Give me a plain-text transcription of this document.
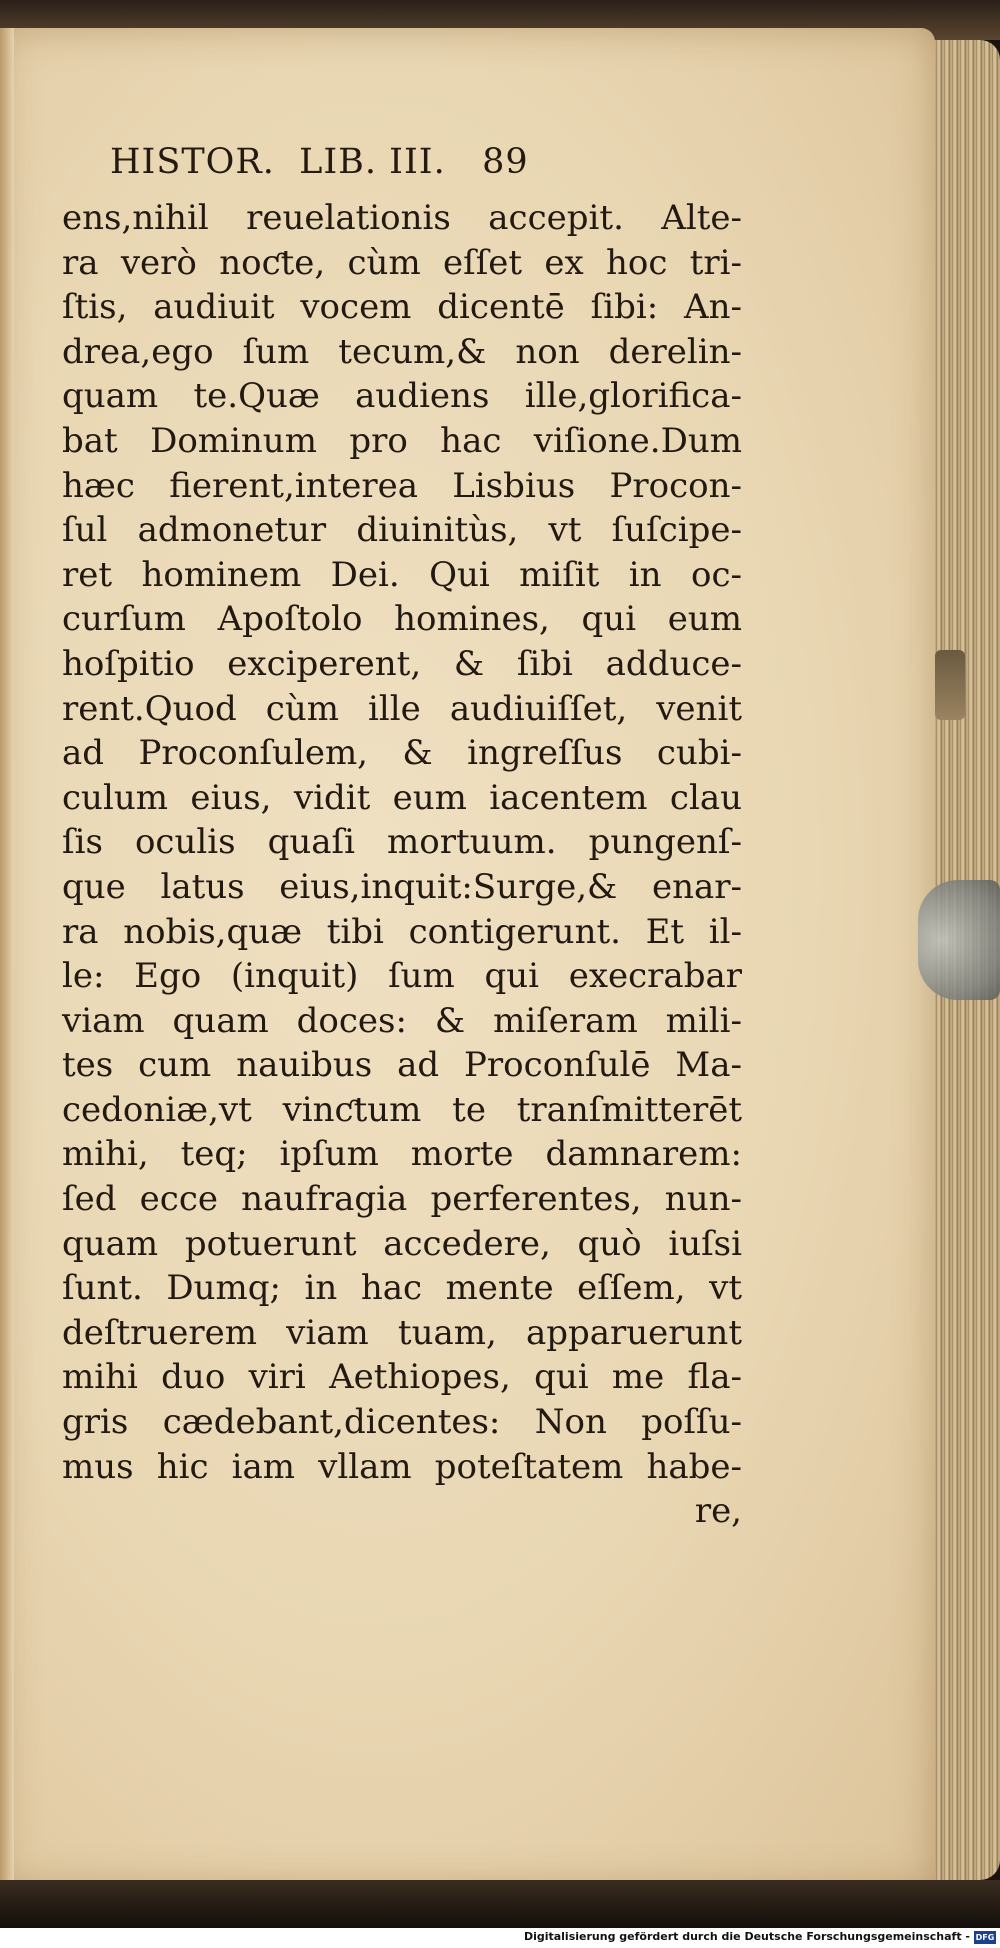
HISTOR.  LIB. III.   89
ens,nihil reuelationis accepit. Alte-
ra verò noƈte, cùm eſſet ex hoc tri-
ſtis, audiuit vocem dicentē ſibi: An-
drea,ego ſum tecum,& non derelin-
quam te.Quæ audiens ille,glorifica-
bat Dominum pro hac viſione.Dum
hæc fierent,interea Lisbius Procon-
ſul admonetur diuinitùs, vt ſuſcipe-
ret hominem Dei. Qui miſit in oc-
curſum Apoſtolo homines, qui eum
hoſpitio exciperent, & ſibi adduce-
rent.Quod cùm ille audiuiſſet, venit
ad Proconſulem, & ingreſſus cubi-
culum eius, vidit eum iacentem clau
ſis oculis quaſi mortuum. pungenſ-
que latus eius,inquit:Surge,& enar-
ra nobis,quæ tibi contigerunt. Et il-
le: Ego (inquit) ſum qui execrabar
viam quam doces: & miſeram mili-
tes cum nauibus ad Proconſulē Ma-
cedoniæ,vt vinƈtum te tranſmitterēt
mihi, teq; ipſum morte damnarem:
ſed ecce naufragia perferentes, nun-
quam potuerunt accedere, quò iuſsi
ſunt. Dumq; in hac mente eſſem, vt
deſtruerem viam tuam, apparuerunt
mihi duo viri Aethiopes, qui me fla-
gris cædebant,dicentes: Non poſſu-
mus hic iam vllam poteſtatem habe-
re,
Digitalisierung gefördert durch die Deutsche Forschungsgemeinschaft - DFG
